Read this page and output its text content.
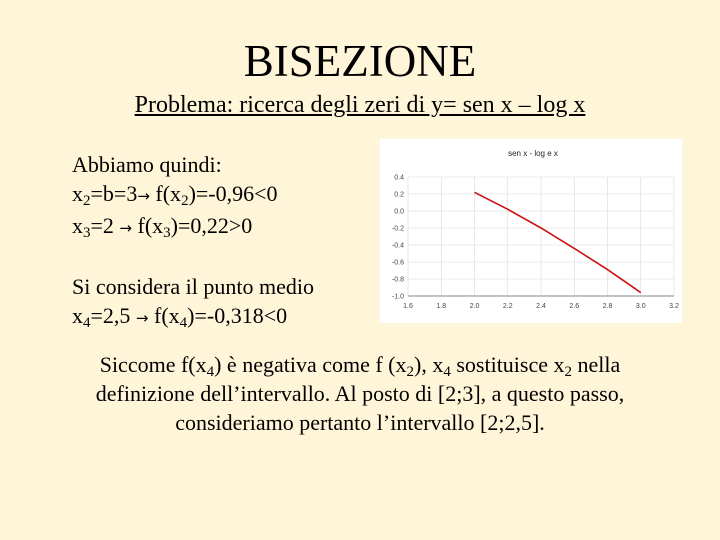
BISEZIONE
Problema: ricerca degli zeri di y= sen x – log x
Abbiamo quindi:
$x_2=b=3\to f(x_2)=-0,96<0$
$x_3=2 \to f(x_3)=0,22>0$
Si considera il punto medio
$x_4=2,5 \to f(x_4)=-0,318<0$
sen x - log e x
0.4
0.2
0.0
-0.2
-0.4
-0.6
-0.8
-1.0
1.6	1.8	2.0	2.2	2.4	2.6	2.8	3.0	3.2
Siccome $f(x_4)$ è negativa come f $(x_2)$, $x_4$ sostituisce $x_2$ nella definizione dell’intervallo. Al posto di [2;3], a questo passo, consideriamo pertanto l’intervallo [2;2,5].
